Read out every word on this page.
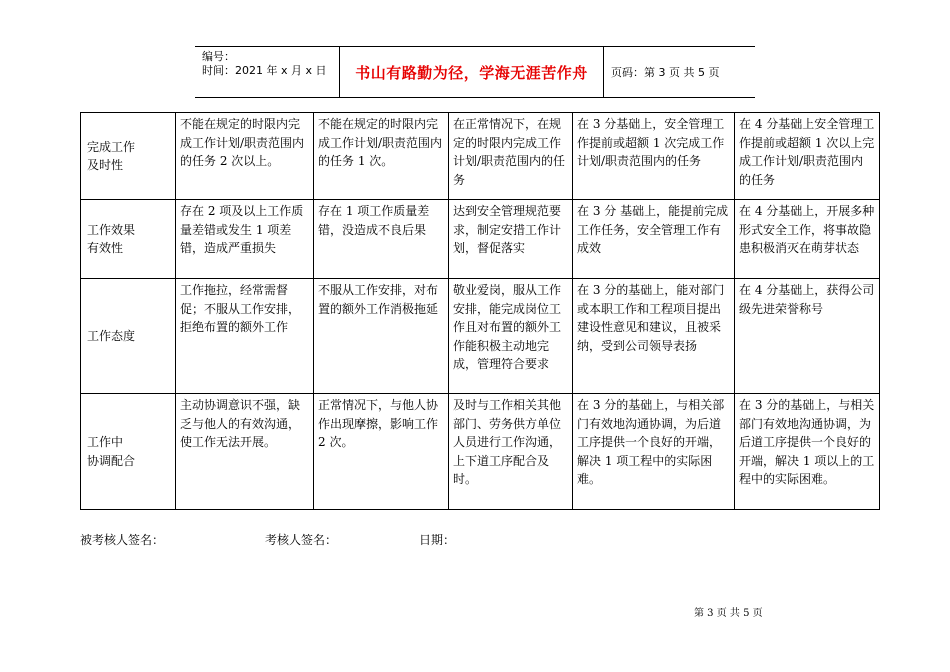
编号：
时间：2021 年 x 月 x 日	书山有路勤为径，学海无涯苦作舟	页码：第 3 页 共 5 页
完成工作
及时性	不能在规定的时限内完成工作计划/职责范围内的任务 2 次以上。	不能在规定的时限内完成工作计划/职责范围内的任务 1 次。	在正常情况下，在规定的时限内完成工作计划/职责范围内的任务	在 3 分基础上，安全管理工作提前或超额 1 次完成工作计划/职责范围内的任务	在 4 分基础上安全管理工作提前或超额 1 次以上完成工作计划/职责范围内的任务

工作效果
有效性	存在 2 项及以上工作质量差错或发生 1 项差错，造成严重损失	存在 1 项工作质量差错，没造成不良后果	达到安全管理规范要求，制定安措工作计划，督促落实	在 3 分 基础上，能提前完成工作任务，安全管理工作有成效	在 4 分基础上，开展多种形式安全工作，将事故隐患积极消灭在萌芽状态

工作态度	工作拖拉，经常需督促；不服从工作安排，拒绝布置的额外工作	不服从工作安排，对布置的额外工作消极拖延	敬业爱岗，服从工作安排，能完成岗位工作且对布置的额外工作能积极主动地完成，管理符合要求	在 3 分的基础上，能对部门或本职工作和工程项目提出建设性意见和建议，且被采纳，受到公司领导表扬	在 4 分基础上，获得公司级先进荣誉称号

工作中
协调配合	主动协调意识不强，缺乏与他人的有效沟通，使工作无法开展。	正常情况下，与他人协作出现摩擦，影响工作 2 次。	及时与工作相关其他部门、劳务供方单位人员进行工作沟通，上下道工序配合及时。	在 3 分的基础上，与相关部门有效地沟通协调，为后道工序提供一个良好的开端，解决 1 项工程中的实际困难。	在 3 分的基础上，与相关部门有效地沟通协调，为后道工序提供一个良好的开端，解决 1 项以上的工程中的实际困难。
被考核人签名：	考核人签名：	日期：
第 3 页 共 5 页
